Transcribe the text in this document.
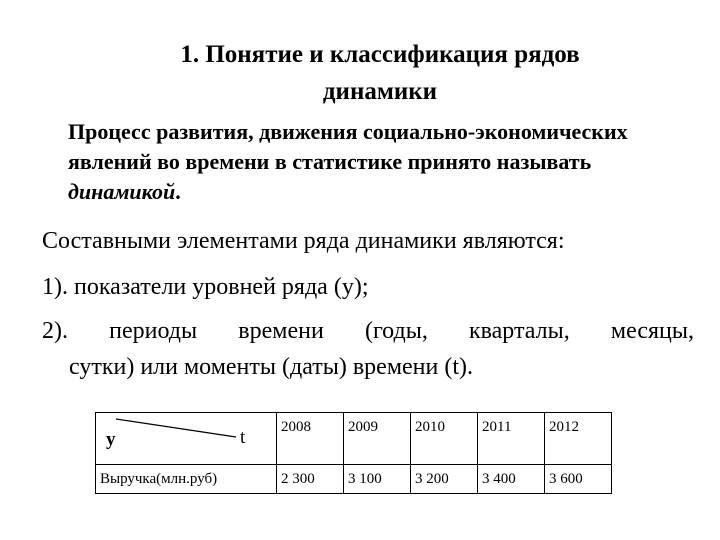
1. Понятие и классификация рядов
динамики
Процесс развития, движения социально-экономических явлений во времени в статистике принято называть динамикой.
Составными элементами ряда динамики являются:
1). показатели уровней ряда (y);
2). периоды времени (годы, кварталы, месяцы,
сутки) или моменты (даты) времени (t).
y t	2008	2009	2010	2011	2012
Выручка(млн.руб)	2 300	3 100	3 200	3 400	3 600
